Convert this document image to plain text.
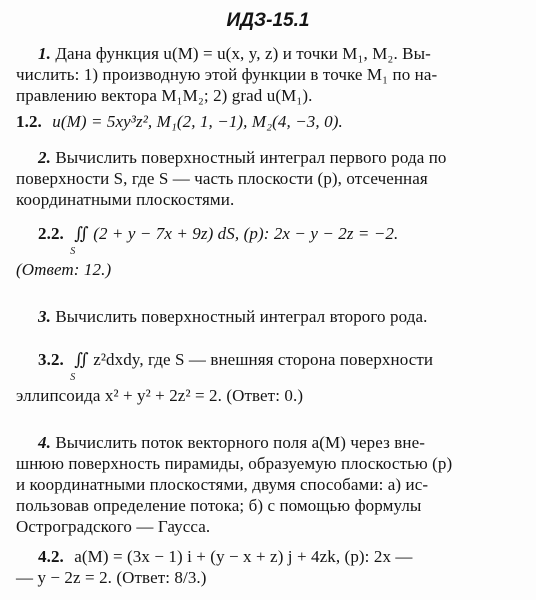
ИДЗ-15.1
1. Дана функция u(M) = u(x, y, z) и точки M₁, M₂. Вы-
числить: 1) производную этой функции в точке M₁ по на-
правлению вектора M₁M₂; 2) grad u(M₁).
1.2. u(M) = 5xy³z², M₁(2, 1, −1), M₂(4, −3, 0).
2. Вычислить поверхностный интеграл первого рода по
поверхности S, где S — часть плоскости (p), отсеченная
координатными плоскостями.
2.2. ∬ (2 + y − 7x + 9z) dS, (p): 2x − y − 2z = −2.
S
(Ответ: 12.)
3. Вычислить поверхностный интеграл второго рода.
3.2. ∬ z²dxdy, где S — внешняя сторона поверхности
S
эллипсоида x² + y² + 2z² = 2. (Ответ: 0.)
4. Вычислить поток векторного поля a(M) через вне-
шнюю поверхность пирамиды, образуемую плоскостью (p)
и координатными плоскостями, двумя способами: а) ис-
пользовав определение потока; б) с помощью формулы
Остроградского — Гаусса.
4.2. a(M) = (3x − 1) i + (y − x + z) j + 4zk, (p): 2x —
— y − 2z = 2. (Ответ: 8/3.)
